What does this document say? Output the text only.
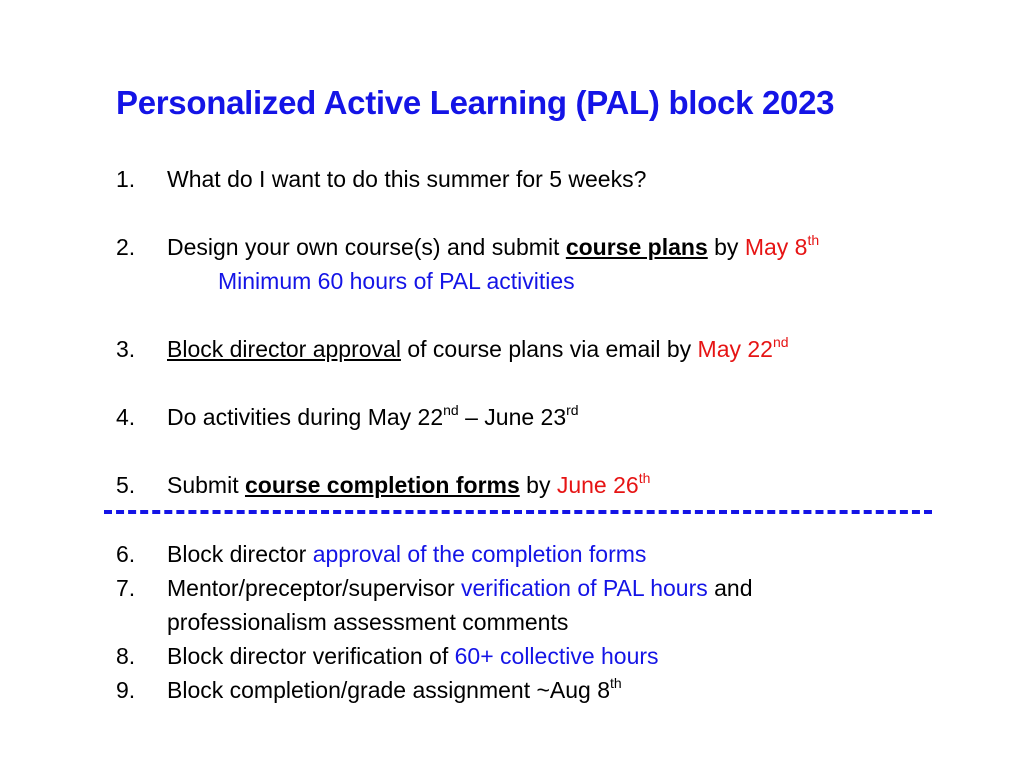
Personalized Active Learning (PAL) block 2023
1. What do I want to do this summer for 5 weeks?
2. Design your own course(s) and submit course plans by May 8th
Minimum 60 hours of PAL activities
3. Block director approval of course plans via email by May 22nd
4. Do activities during May 22nd – June 23rd
5. Submit course completion forms by June 26th
6. Block director approval of the completion forms
7. Mentor/preceptor/supervisor verification of PAL hours and
professionalism assessment comments
8. Block director verification of 60+ collective hours
9. Block completion/grade assignment ~Aug 8th
